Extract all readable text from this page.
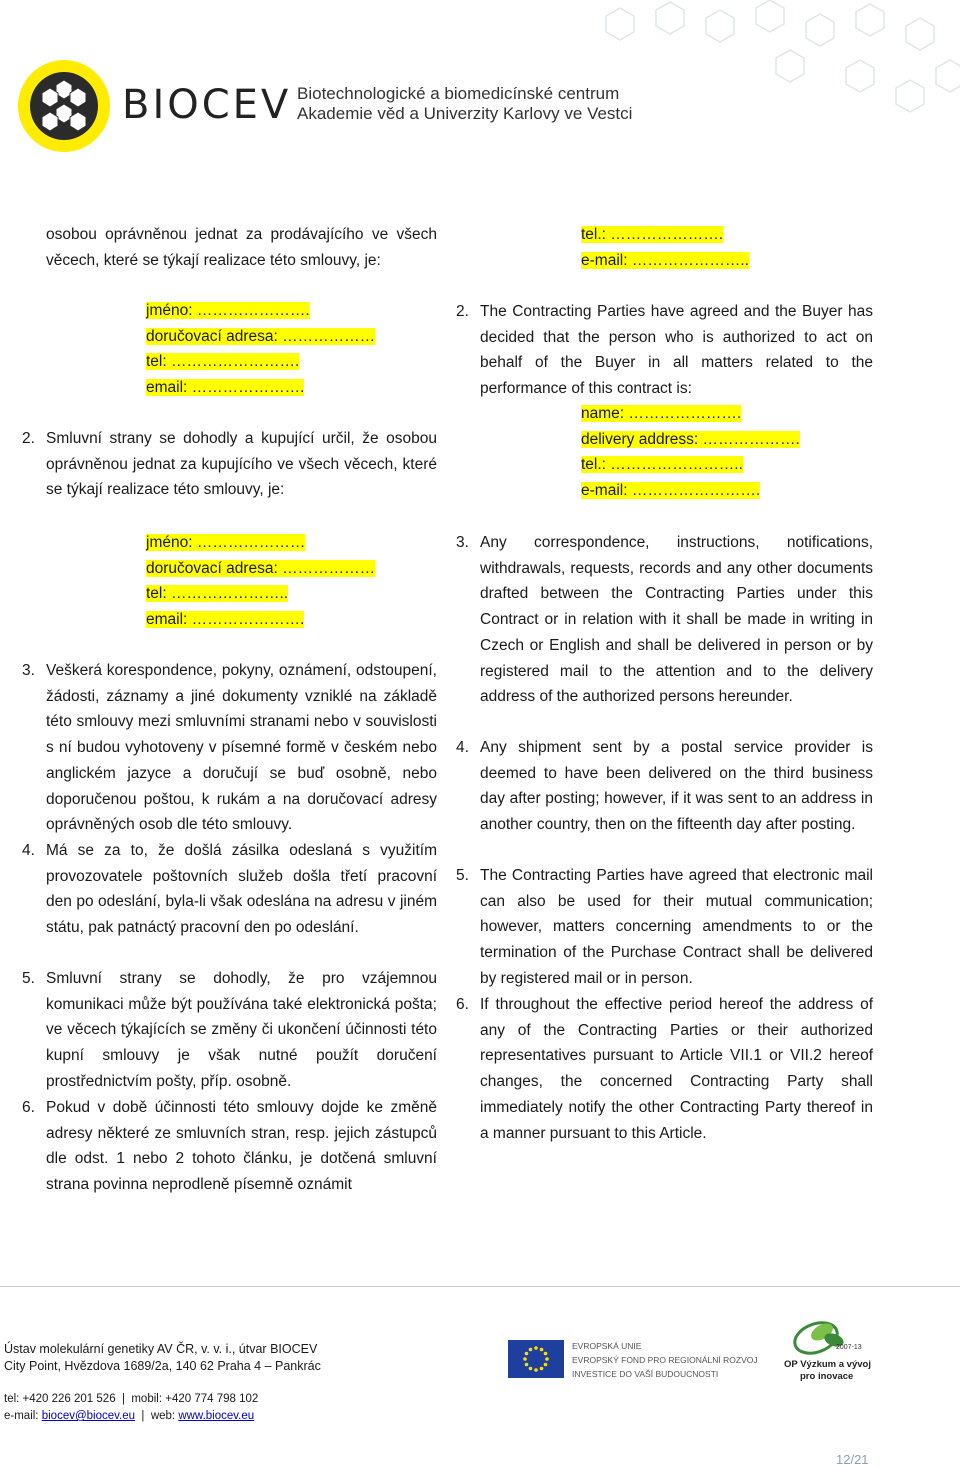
BIOCEV Biotechnologické a biomedicínské centrum
Akademie věd a Univerzity Karlovy ve Vestci
osobou oprávněnou jednat za prodávajícího ve všech věcech, které se týkají realizace této smlouvy, je:
jméno: ………………….
doručovací adresa: ………………
tel: …………………….
email: ………………….
2. Smluvní strany se dohodly a kupující určil, že osobou oprávněnou jednat za kupujícího ve všech věcech, které se týkají realizace této smlouvy, je:
jméno: …………………
doručovací adresa: ………………
tel: …………………..
email: ………………….
3. Veškerá korespondence, pokyny, oznámení, odstoupení, žádosti, záznamy a jiné dokumenty vzniklé na základě této smlouvy mezi smluvními stranami nebo v souvislosti s ní budou vyhotoveny v písemné formě v českém nebo anglickém jazyce a doručují se buď osobně, nebo doporučenou poštou, k rukám a na doručovací adresy oprávněných osob dle této smlouvy.
4. Má se za to, že došlá zásilka odeslaná s využitím provozovatele poštovních služeb došla třetí pracovní den po odeslání, byla-li však odeslána na adresu v jiném státu, pak patnáctý pracovní den po odeslání.
5. Smluvní strany se dohodly, že pro vzájemnou komunikaci může být používána také elektronická pošta; ve věcech týkajících se změny či ukončení účinnosti této kupní smlouvy je však nutné použít doručení prostřednictvím pošty, příp. osobně.
6. Pokud v době účinnosti této smlouvy dojde ke změně adresy některé ze smluvních stran, resp. jejich zástupců dle odst. 1 nebo 2 tohoto článku, je dotčená smluvní strana povinna neprodleně písemně oznámit
tel.: ………………….
e-mail: …………………..
2. The Contracting Parties have agreed and the Buyer has decided that the person who is authorized to act on behalf of the Buyer in all matters related to the performance of this contract is:
name: ………………….
delivery address: ……………….
tel.: ……………………..
e-mail: …………………….
3. Any correspondence, instructions, notifications, withdrawals, requests, records and any other documents drafted between the Contracting Parties under this Contract or in relation with it shall be made in writing in Czech or English and shall be delivered in person or by registered mail to the attention and to the delivery address of the authorized persons hereunder.
4. Any shipment sent by a postal service provider is deemed to have been delivered on the third business day after posting; however, if it was sent to an address in another country, then on the fifteenth day after posting.
5. The Contracting Parties have agreed that electronic mail can also be used for their mutual communication; however, matters concerning amendments to or the termination of the Purchase Contract shall be delivered by registered mail or in person.
6. If throughout the effective period hereof the address of any of the Contracting Parties or their authorized representatives pursuant to Article VII.1 or VII.2 hereof changes, the concerned Contracting Party shall immediately notify the other Contracting Party thereof in a manner pursuant to this Article.
Ústav molekulární genetiky AV ČR, v. v. i., útvar BIOCEV
City Point, Hvězdova 1689/2a, 140 62 Praha 4 – Pankrác
tel: +420 226 201 526  |  mobil: +420 774 798 102
e-mail: biocev@biocev.eu  |  web: www.biocev.eu
EVROPSKÁ UNIE
EVROPSKÝ FOND PRO REGIONÁLNÍ ROZVOJ
INVESTICE DO VAŠÍ BUDOUCNOSTI
2007-13
OP Výzkum a vývoj
pro inovace
12/21
